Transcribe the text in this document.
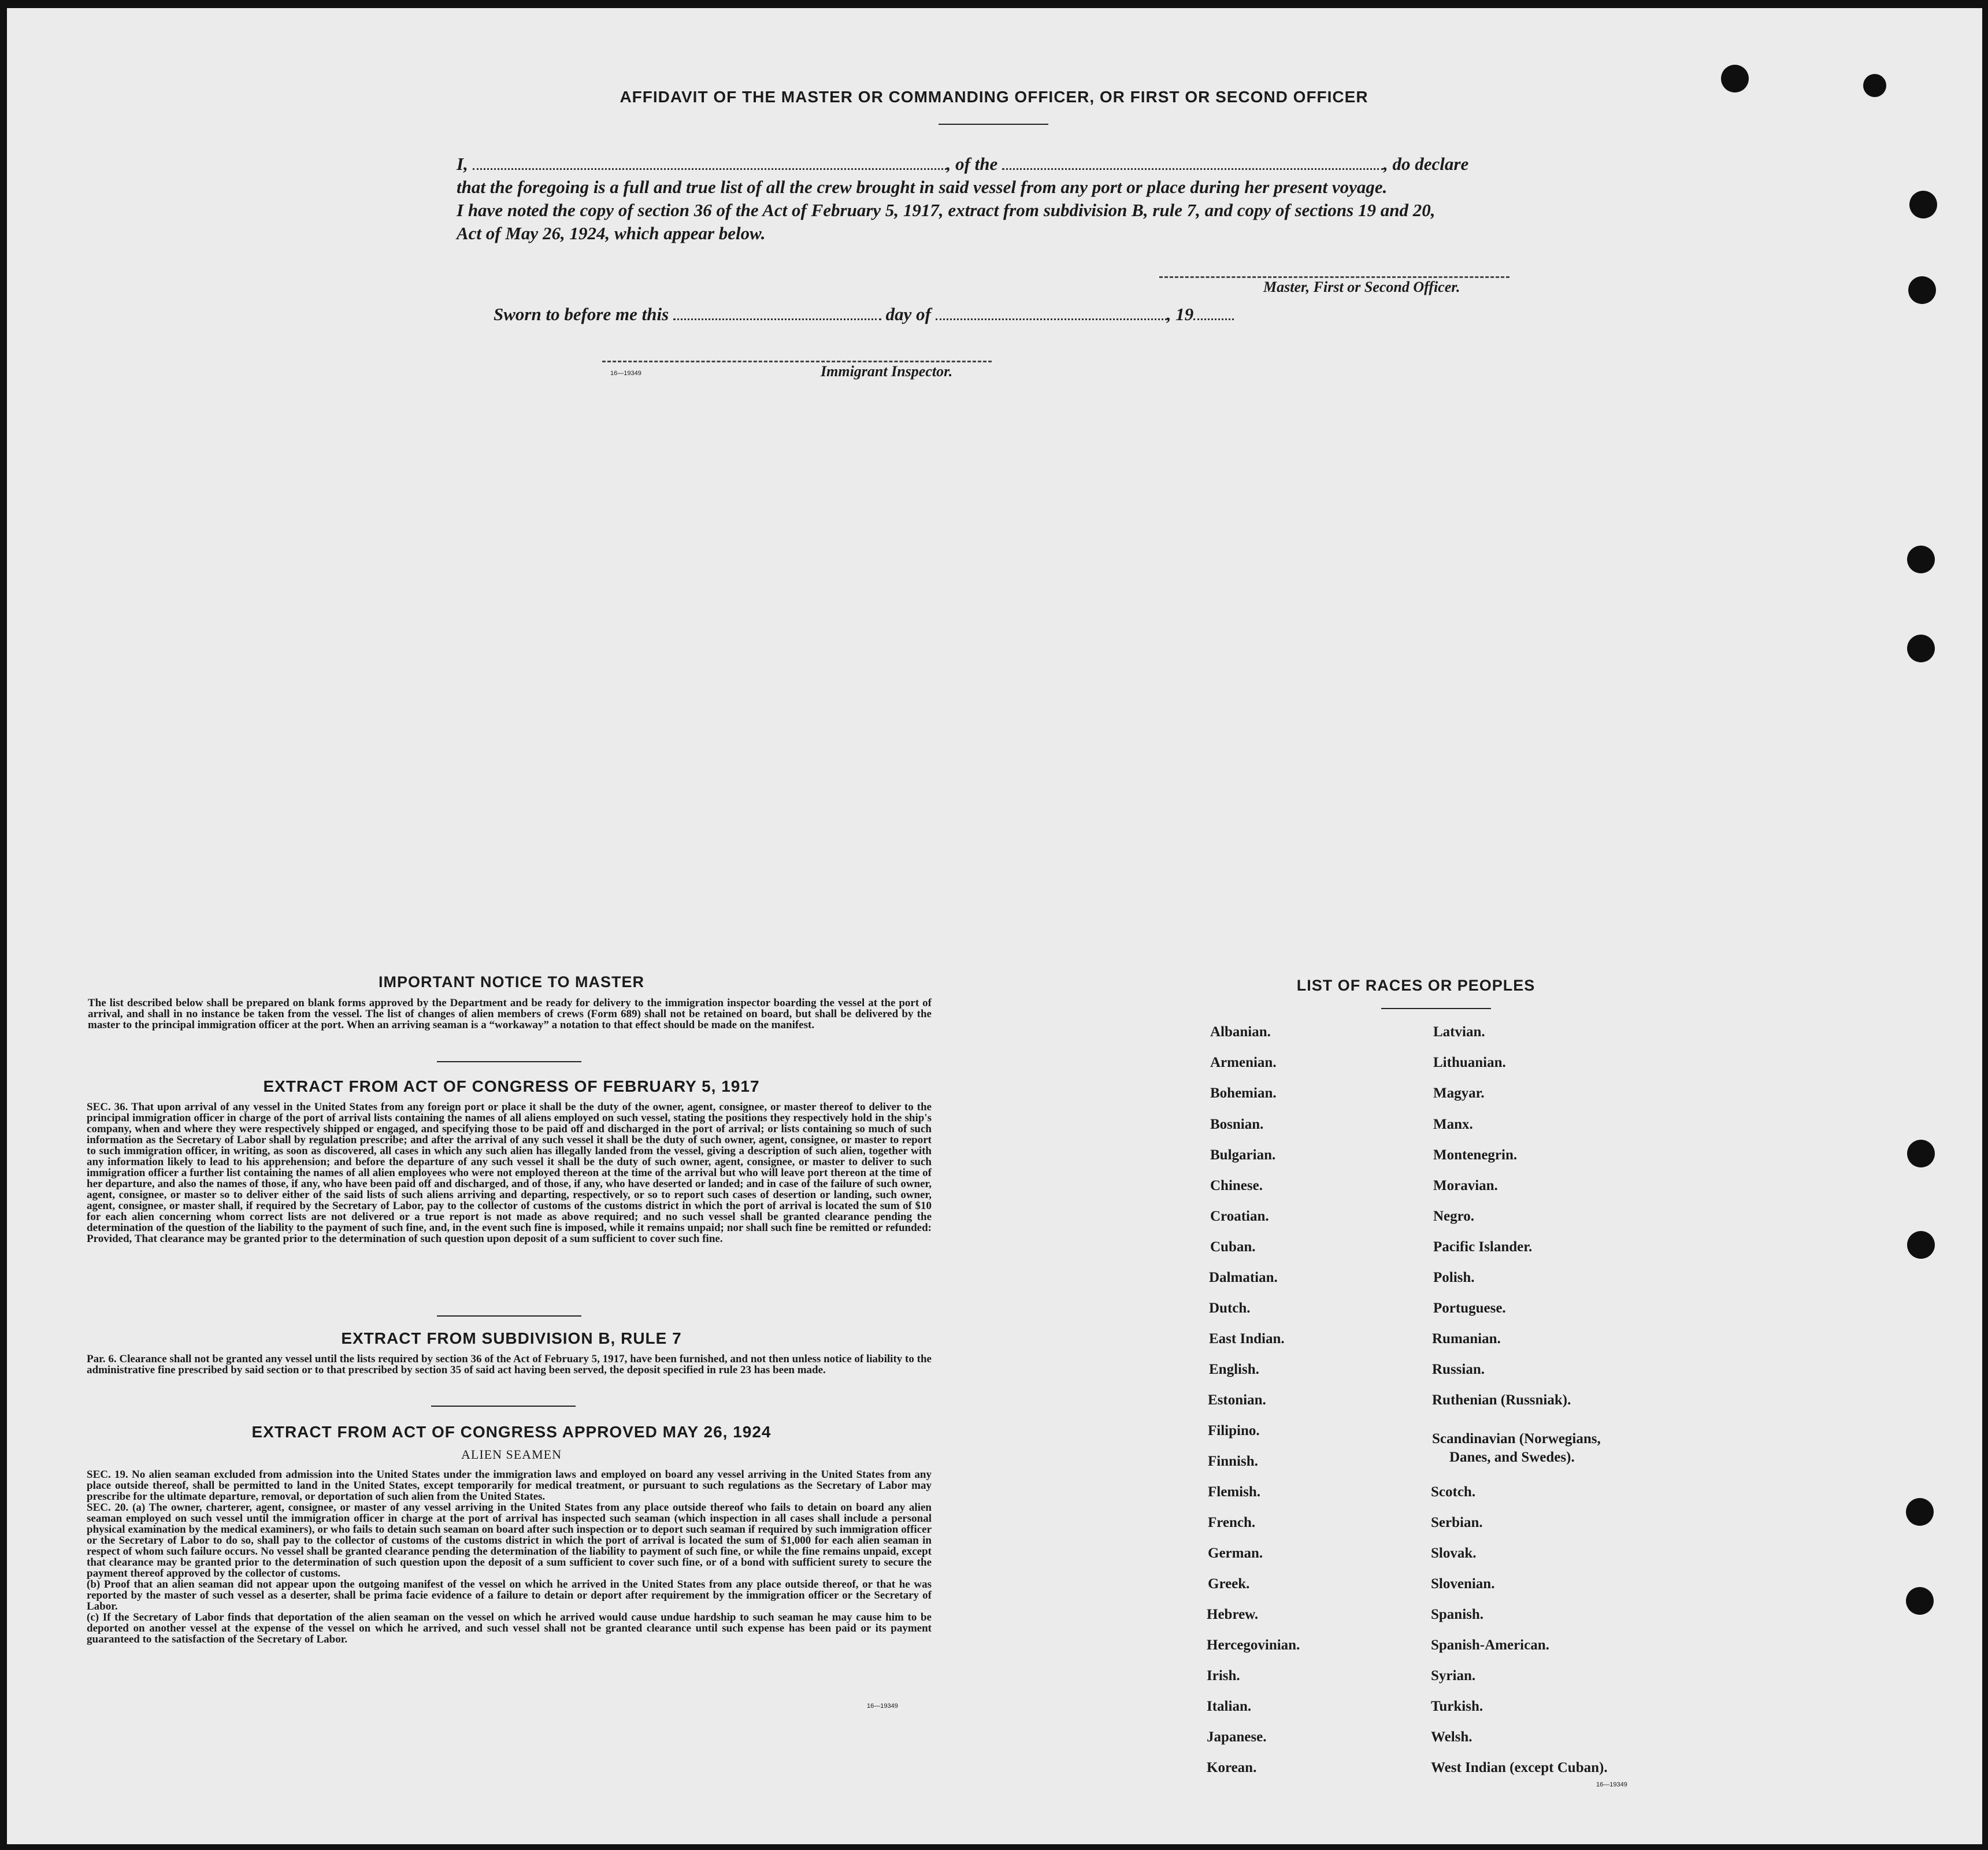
AFFIDAVIT OF THE MASTER OR COMMANDING OFFICER, OR FIRST OR SECOND OFFICER
I,	, of the	, do declare
that the foregoing is a full and true list of all the crew brought in said vessel from any port or place during her present voyage.
I have noted the copy of section 36 of the Act of February 5, 1917, extract from subdivision B, rule 7, and copy of sections 19 and 20,
Act of May 26, 1924, which appear below.
Master, First or Second Officer.
Sworn to before me this	day of	, 19
16—19349	Immigrant Inspector.
IMPORTANT NOTICE TO MASTER
The list described below shall be prepared on blank forms approved by the Department and be ready for delivery to the immigration inspector boarding the vessel at the port of arrival, and shall in no instance be taken from the vessel. The list of changes of alien members of crews (Form 689) shall not be retained on board, but shall be delivered by the master to the principal immigration officer at the port. When an arriving seaman is a “workaway” a notation to that effect should be made on the manifest.
EXTRACT FROM ACT OF CONGRESS OF FEBRUARY 5, 1917
SEC. 36. That upon arrival of any vessel in the United States from any foreign port or place it shall be the duty of the owner, agent, consignee, or master thereof to deliver to the principal immigration officer in charge of the port of arrival lists containing the names of all aliens employed on such vessel, stating the positions they respectively hold in the ship's company, when and where they were respectively shipped or engaged, and specifying those to be paid off and discharged in the port of arrival; or lists containing so much of such information as the Secretary of Labor shall by regulation prescribe; and after the arrival of any such vessel it shall be the duty of such owner, agent, consignee, or master to report to such immigration officer, in writing, as soon as discovered, all cases in which any such alien has illegally landed from the vessel, giving a description of such alien, together with any information likely to lead to his apprehension; and before the departure of any such vessel it shall be the duty of such owner, agent, consignee, or master to deliver to such immigration officer a further list containing the names of all alien employees who were not employed thereon at the time of the arrival but who will leave port thereon at the time of her departure, and also the names of those, if any, who have been paid off and discharged, and of those, if any, who have deserted or landed; and in case of the failure of such owner, agent, consignee, or master so to deliver either of the said lists of such aliens arriving and departing, respectively, or so to report such cases of desertion or landing, such owner, agent, consignee, or master shall, if required by the Secretary of Labor, pay to the collector of customs of the customs district in which the port of arrival is located the sum of $10 for each alien concerning whom correct lists are not delivered or a true report is not made as above required; and no such vessel shall be granted clearance pending the determination of the question of the liability to the payment of such fine, and, in the event such fine is imposed, while it remains unpaid; nor shall such fine be remitted or refunded: Provided, That clearance may be granted prior to the determination of such question upon deposit of a sum sufficient to cover such fine.
EXTRACT FROM SUBDIVISION B, RULE 7
Par. 6. Clearance shall not be granted any vessel until the lists required by section 36 of the Act of February 5, 1917, have been furnished, and not then unless notice of liability to the administrative fine prescribed by said section or to that prescribed by section 35 of said act having been served, the deposit specified in rule 23 has been made.
EXTRACT FROM ACT OF CONGRESS APPROVED MAY 26, 1924
ALIEN SEAMEN
SEC. 19. No alien seaman excluded from admission into the United States under the immigration laws and employed on board any vessel arriving in the United States from any place outside thereof, shall be permitted to land in the United States, except temporarily for medical treatment, or pursuant to such regulations as the Secretary of Labor may prescribe for the ultimate departure, removal, or deportation of such alien from the United States.
SEC. 20. (a) The owner, charterer, agent, consignee, or master of any vessel arriving in the United States from any place outside thereof who fails to detain on board any alien seaman employed on such vessel until the immigration officer in charge at the port of arrival has inspected such seaman (which inspection in all cases shall include a personal physical examination by the medical examiners), or who fails to detain such seaman on board after such inspection or to deport such seaman if required by such immigration officer or the Secretary of Labor to do so, shall pay to the collector of customs of the customs district in which the port of arrival is located the sum of $1,000 for each alien seaman in respect of whom such failure occurs. No vessel shall be granted clearance pending the determination of the liability to payment of such fine, or while the fine remains unpaid, except that clearance may be granted prior to the determination of such question upon the deposit of a sum sufficient to cover such fine, or of a bond with sufficient surety to secure the payment thereof approved by the collector of customs.
(b) Proof that an alien seaman did not appear upon the outgoing manifest of the vessel on which he arrived in the United States from any place outside thereof, or that he was reported by the master of such vessel as a deserter, shall be prima facie evidence of a failure to detain or deport after requirement by the immigration officer or the Secretary of Labor.
(c) If the Secretary of Labor finds that deportation of the alien seaman on the vessel on which he arrived would cause undue hardship to such seaman he may cause him to be deported on another vessel at the expense of the vessel on which he arrived, and such vessel shall not be granted clearance until such expense has been paid or its payment guaranteed to the satisfaction of the Secretary of Labor.
16—19349
LIST OF RACES OR PEOPLES
Albanian.
Armenian.
Bohemian.
Bosnian.
Bulgarian.
Chinese.
Croatian.
Cuban.
Dalmatian.
Dutch.
East Indian.
English.
Estonian.
Filipino.
Finnish.
Flemish.
French.
German.
Greek.
Hebrew.
Hercegovinian.
Irish.
Italian.
Japanese.
Korean.
Latvian.
Lithuanian.
Magyar.
Manx.
Montenegrin.
Moravian.
Negro.
Pacific Islander.
Polish.
Portuguese.
Rumanian.
Russian.
Ruthenian (Russniak).
Scandinavian (Norwegians,
Danes, and Swedes).
Scotch.
Serbian.
Slovak.
Slovenian.
Spanish.
Spanish-American.
Syrian.
Turkish.
Welsh.
West Indian (except Cuban).
16—19349
